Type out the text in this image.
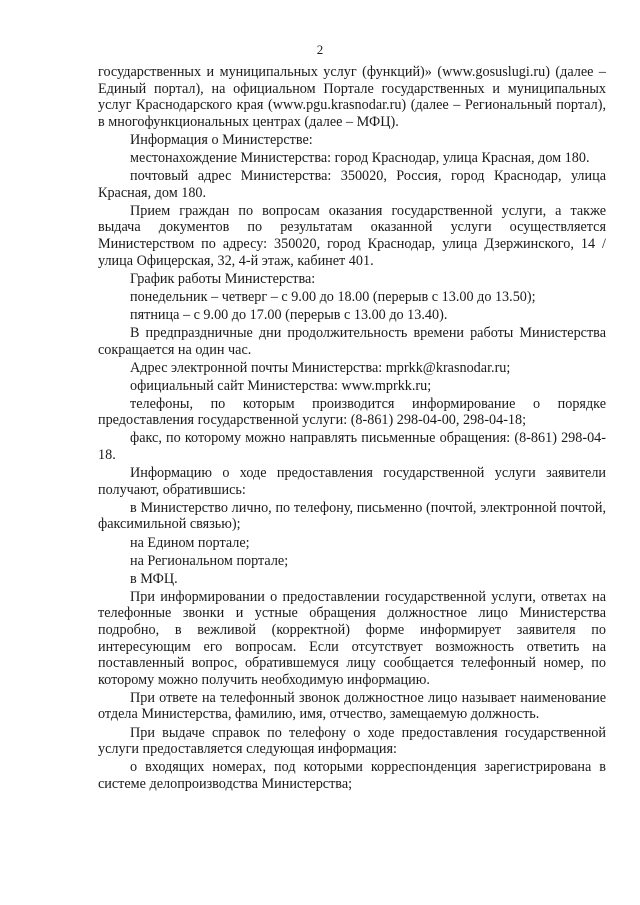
2

государственных и муниципальных услуг (функций)» (www.gosuslugi.ru) (далее – Единый портал), на официальном Портале государственных и муниципальных услуг Краснодарского края (www.pgu.krasnodar.ru) (далее – Региональный портал), в многофункциональных центрах (далее – МФЦ).

Информация о Министерстве:

местонахождение Министерства: город Краснодар, улица Красная, дом 180.

почтовый адрес Министерства: 350020, Россия, город Краснодар, улица Красная, дом 180.

Прием граждан по вопросам оказания государственной услуги, а также выдача документов по результатам оказанной услуги осуществляется Министерством по адресу: 350020, город Краснодар, улица Дзержинского, 14 / улица Офицерская, 32, 4-й этаж, кабинет 401.

График работы Министерства:

понедельник – четверг – с 9.00 до 18.00 (перерыв с 13.00 до 13.50);

пятница – с 9.00 до 17.00 (перерыв с 13.00 до 13.40).

В предпраздничные дни продолжительность времени работы Министерства сокращается на один час.

Адрес электронной почты Министерства: mprkk@krasnodar.ru;

официальный сайт Министерства: www.mprkk.ru;

телефоны, по которым производится информирование о порядке предоставления государственной услуги: (8-861) 298-04-00, 298-04-18;

факс, по которому можно направлять письменные обращения: (8-861) 298-04-18.

Информацию о ходе предоставления государственной услуги заявители получают, обратившись:

в Министерство лично, по телефону, письменно (почтой, электронной почтой, факсимильной связью);

на Едином портале;

на Региональном портале;

в МФЦ.

При информировании о предоставлении государственной услуги, ответах на телефонные звонки и устные обращения должностное лицо Министерства подробно, в вежливой (корректной) форме информирует заявителя по интересующим его вопросам. Если отсутствует возможность ответить на поставленный вопрос, обратившемуся лицу сообщается телефонный номер, по которому можно получить необходимую информацию.

При ответе на телефонный звонок должностное лицо называет наименование отдела Министерства, фамилию, имя, отчество, замещаемую должность.

При выдаче справок по телефону о ходе предоставления государственной услуги предоставляется следующая информация:

о входящих номерах, под которыми корреспонденция зарегистрирована в системе делопроизводства Министерства;
